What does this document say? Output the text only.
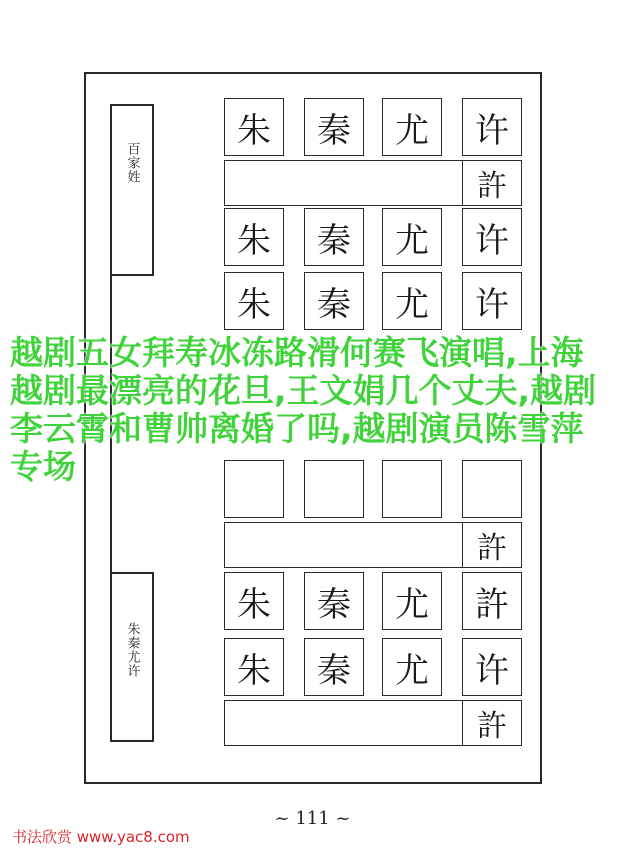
百家姓
朱秦尤许
朱	秦	尤	许
許
朱	秦	尤	许
朱	秦	尤	许
許
朱	秦	尤	許
朱	秦	尤	许
許
越剧五女拜寿冰冻路滑何赛飞演唱,上海越剧最漂亮的花旦,王文娟几个丈夫,越剧李云霄和曹帅离婚了吗,越剧演员陈雪萍专场
~ 111 ~
书法欣赏 www.yac8.com
